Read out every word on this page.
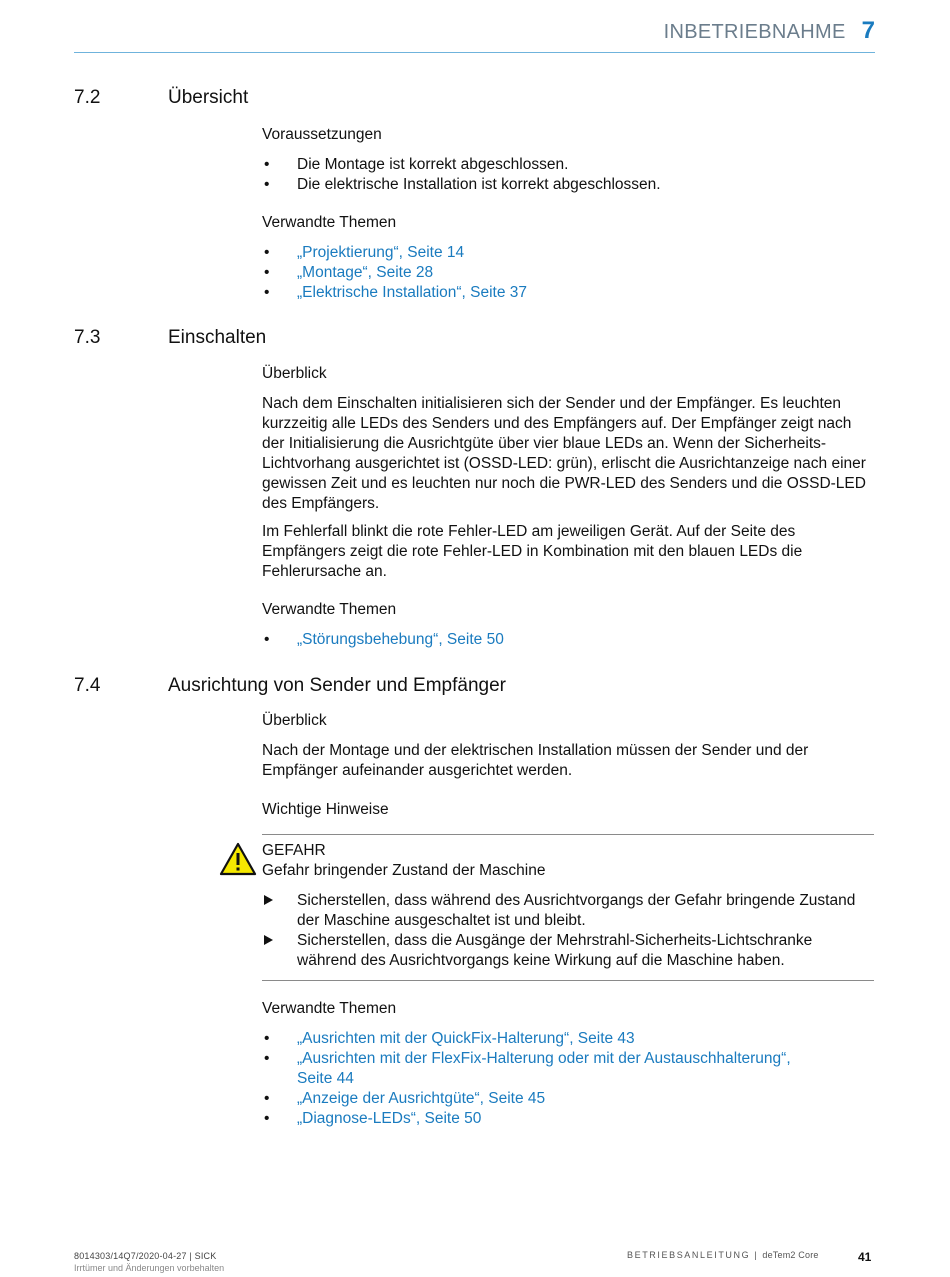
INBETRIEBNAHME 7
7.2	Übersicht
Voraussetzungen
• Die Montage ist korrekt abgeschlossen.
• Die elektrische Installation ist korrekt abgeschlossen.
Verwandte Themen
• „Projektierung“, Seite 14
• „Montage“, Seite 28
• „Elektrische Installation“, Seite 37
7.3	Einschalten
Überblick
Nach dem Einschalten initialisieren sich der Sender und der Empfänger. Es leuchten kurzzeitig alle LEDs des Senders und des Empfängers auf. Der Empfänger zeigt nach der Initialisierung die Ausrichtgüte über vier blaue LEDs an. Wenn der Sicherheits-Lichtvorhang ausgerichtet ist (OSSD-LED: grün), erlischt die Ausrichtanzeige nach einer gewissen Zeit und es leuchten nur noch die PWR-LED des Senders und die OSSD-LED des Empfängers.
Im Fehlerfall blinkt die rote Fehler-LED am jeweiligen Gerät. Auf der Seite des Empfängers zeigt die rote Fehler-LED in Kombination mit den blauen LEDs die Fehlerursache an.
Verwandte Themen
• „Störungsbehebung“, Seite 50
7.4	Ausrichtung von Sender und Empfänger
Überblick
Nach der Montage und der elektrischen Installation müssen der Sender und der Empfänger aufeinander ausgerichtet werden.
Wichtige Hinweise
GEFAHR
Gefahr bringender Zustand der Maschine
Sicherstellen, dass während des Ausrichtvorgangs der Gefahr bringende Zustand der Maschine ausgeschaltet ist und bleibt.
Sicherstellen, dass die Ausgänge der Mehrstrahl-Sicherheits-Lichtschranke während des Ausrichtvorgangs keine Wirkung auf die Maschine haben.
Verwandte Themen
• „Ausrichten mit der QuickFix-Halterung“, Seite 43
• „Ausrichten mit der FlexFix-Halterung oder mit der Austauschhalterung“, Seite 44
• „Anzeige der Ausrichtgüte“, Seite 45
• „Diagnose-LEDs“, Seite 50
8014303/14Q7/2020-04-27 | SICK
Irrtümer und Änderungen vorbehalten
BETRIEBSANLEITUNG | deTem2 Core	41
